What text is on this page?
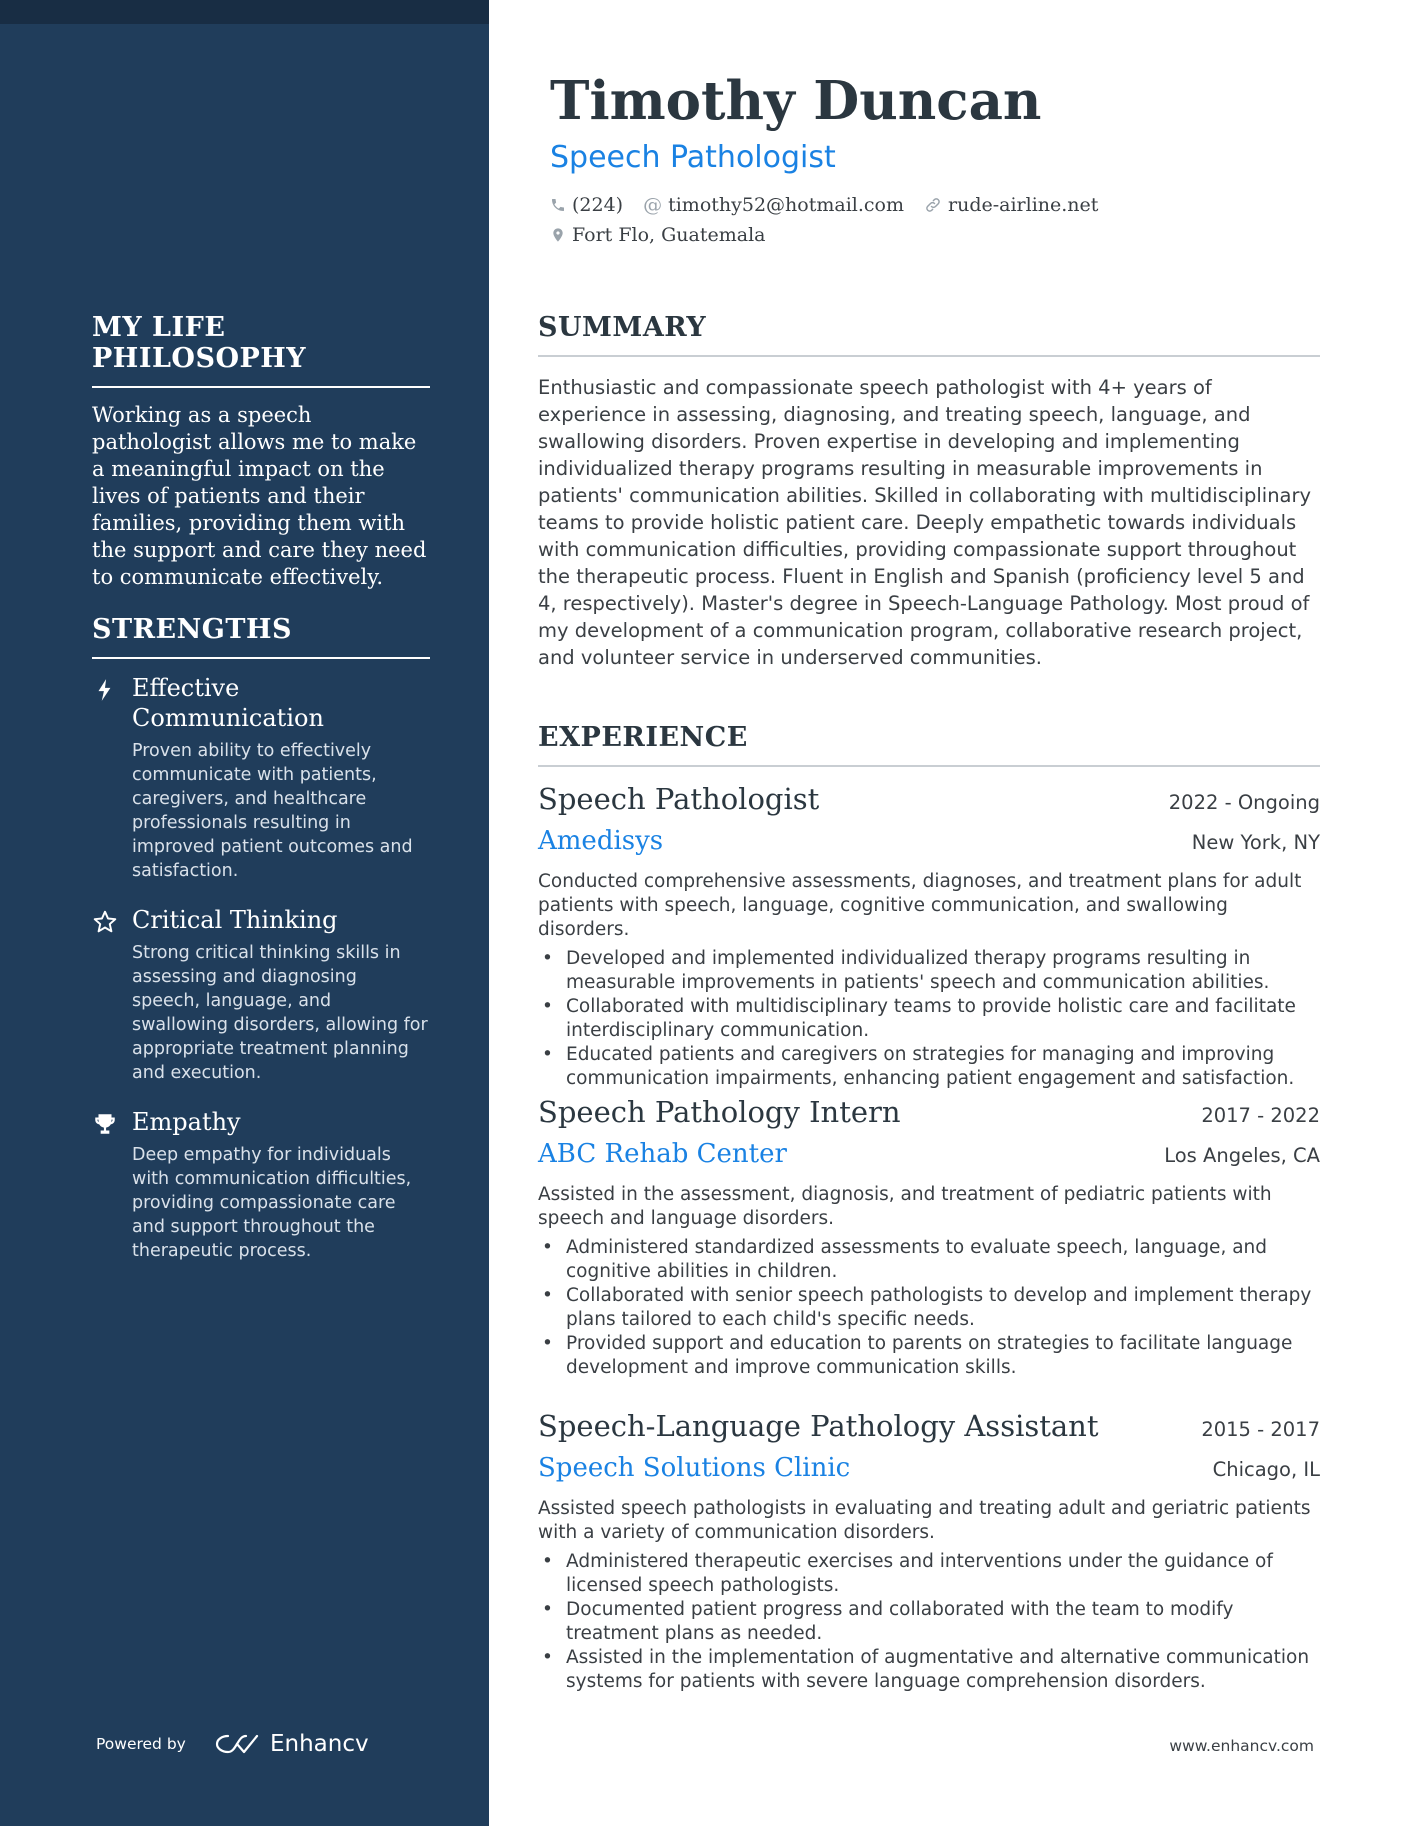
MY LIFE PHILOSOPHY
Working as a speech pathologist allows me to make a meaningful impact on the lives of patients and their families, providing them with the support and care they need to communicate effectively.
STRENGTHS
Effective Communication
Proven ability to effectively communicate with patients, caregivers, and healthcare professionals resulting in improved patient outcomes and satisfaction.
Critical Thinking
Strong critical thinking skills in assessing and diagnosing speech, language, and swallowing disorders, allowing for appropriate treatment planning and execution.
Empathy
Deep empathy for individuals with communication difficulties, providing compassionate care and support throughout the therapeutic process.
Powered by	Enhancv
Timothy Duncan
Speech Pathologist
(224) @ timothy52@hotmail.com rude-airline.net
Fort Flo, Guatemala
SUMMARY
Enthusiastic and compassionate speech pathologist with 4+ years of experience in assessing, diagnosing, and treating speech, language, and swallowing disorders. Proven expertise in developing and implementing individualized therapy programs resulting in measurable improvements in patients' communication abilities. Skilled in collaborating with multidisciplinary teams to provide holistic patient care. Deeply empathetic towards individuals with communication difficulties, providing compassionate support throughout the therapeutic process. Fluent in English and Spanish (proficiency level 5 and 4, respectively). Master's degree in Speech-Language Pathology. Most proud of my development of a communication program, collaborative research project, and volunteer service in underserved communities.
EXPERIENCE
Speech Pathologist	2022 - Ongoing
Amedisys	New York, NY
Conducted comprehensive assessments, diagnoses, and treatment plans for adult patients with speech, language, cognitive communication, and swallowing disorders.
• Developed and implemented individualized therapy programs resulting in measurable improvements in patients' speech and communication abilities.
• Collaborated with multidisciplinary teams to provide holistic care and facilitate interdisciplinary communication.
• Educated patients and caregivers on strategies for managing and improving communication impairments, enhancing patient engagement and satisfaction.
Speech Pathology Intern	2017 - 2022
ABC Rehab Center	Los Angeles, CA
Assisted in the assessment, diagnosis, and treatment of pediatric patients with speech and language disorders.
• Administered standardized assessments to evaluate speech, language, and cognitive abilities in children.
• Collaborated with senior speech pathologists to develop and implement therapy plans tailored to each child's specific needs.
• Provided support and education to parents on strategies to facilitate language development and improve communication skills.
Speech-Language Pathology Assistant	2015 - 2017
Speech Solutions Clinic	Chicago, IL
Assisted speech pathologists in evaluating and treating adult and geriatric patients with a variety of communication disorders.
• Administered therapeutic exercises and interventions under the guidance of licensed speech pathologists.
• Documented patient progress and collaborated with the team to modify treatment plans as needed.
• Assisted in the implementation of augmentative and alternative communication systems for patients with severe language comprehension disorders.
www.enhancv.com
